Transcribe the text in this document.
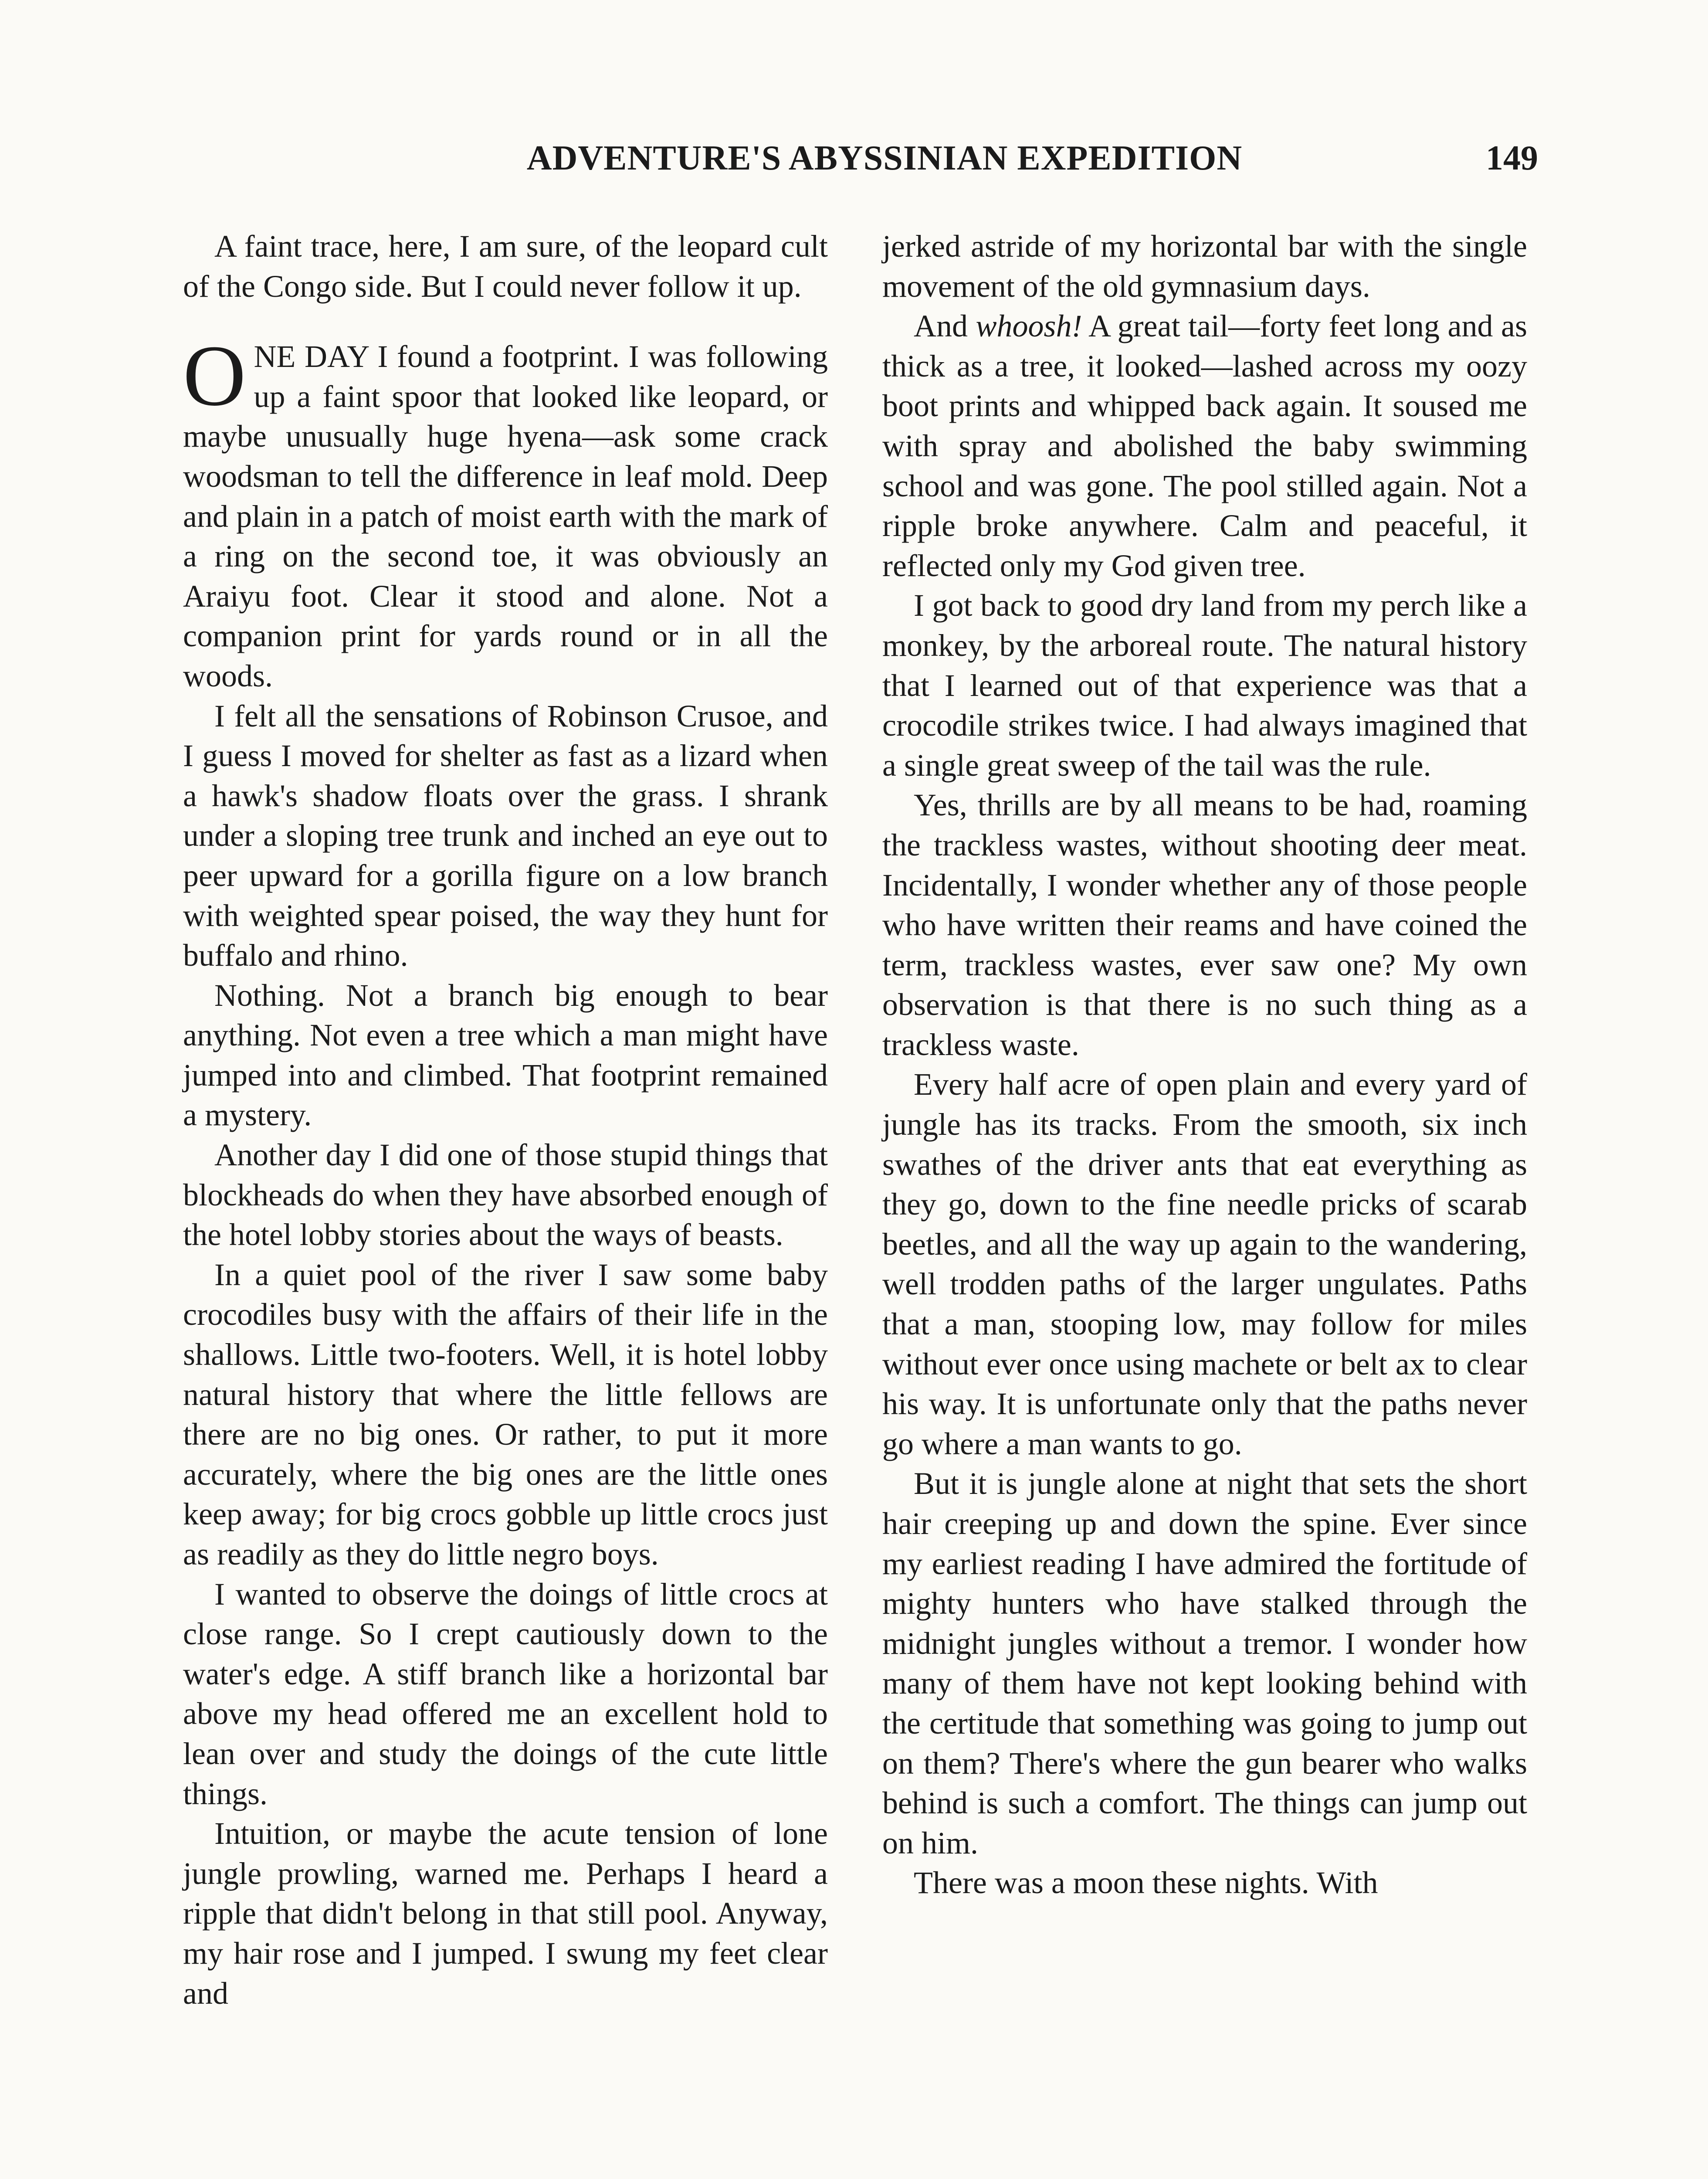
ADVENTURE'S ABYSSINIAN EXPEDITION	149

A faint trace, here, I am sure, of the leopard cult of the Congo side. But I could never follow it up.

ONE DAY I found a footprint. I was following up a faint spoor that looked like leopard, or maybe unusually huge hyena—ask some crack woodsman to tell the difference in leaf mold. Deep and plain in a patch of moist earth with the mark of a ring on the second toe, it was obviously an Araiyu foot. Clear it stood and alone. Not a companion print for yards round or in all the woods.

I felt all the sensations of Robinson Crusoe, and I guess I moved for shelter as fast as a lizard when a hawk's shadow floats over the grass. I shrank under a sloping tree trunk and inched an eye out to peer upward for a gorilla figure on a low branch with weighted spear poised, the way they hunt for buffalo and rhino.

Nothing. Not a branch big enough to bear anything. Not even a tree which a man might have jumped into and climbed. That footprint remained a mystery.

Another day I did one of those stupid things that blockheads do when they have absorbed enough of the hotel lobby stories about the ways of beasts.

In a quiet pool of the river I saw some baby crocodiles busy with the affairs of their life in the shallows. Little two-footers. Well, it is hotel lobby natural history that where the little fellows are there are no big ones. Or rather, to put it more accurately, where the big ones are the little ones keep away; for big crocs gobble up little crocs just as readily as they do little negro boys.

I wanted to observe the doings of little crocs at close range. So I crept cautiously down to the water's edge. A stiff branch like a horizontal bar above my head offered me an excellent hold to lean over and study the doings of the cute little things.

Intuition, or maybe the acute tension of lone jungle prowling, warned me. Perhaps I heard a ripple that didn't belong in that still pool. Anyway, my hair rose and I jumped. I swung my feet clear and

jerked astride of my horizontal bar with the single movement of the old gymnasium days.

And whoosh! A great tail—forty feet long and as thick as a tree, it looked—lashed across my oozy boot prints and whipped back again. It soused me with spray and abolished the baby swimming school and was gone. The pool stilled again. Not a ripple broke anywhere. Calm and peaceful, it reflected only my God given tree.

I got back to good dry land from my perch like a monkey, by the arboreal route. The natural history that I learned out of that experience was that a crocodile strikes twice. I had always imagined that a single great sweep of the tail was the rule.

Yes, thrills are by all means to be had, roaming the trackless wastes, without shooting deer meat. Incidentally, I wonder whether any of those people who have written their reams and have coined the term, trackless wastes, ever saw one? My own observation is that there is no such thing as a trackless waste.

Every half acre of open plain and every yard of jungle has its tracks. From the smooth, six inch swathes of the driver ants that eat everything as they go, down to the fine needle pricks of scarab beetles, and all the way up again to the wandering, well trodden paths of the larger ungulates. Paths that a man, stooping low, may follow for miles without ever once using machete or belt ax to clear his way. It is unfortunate only that the paths never go where a man wants to go.

But it is jungle alone at night that sets the short hair creeping up and down the spine. Ever since my earliest reading I have admired the fortitude of mighty hunters who have stalked through the midnight jungles without a tremor. I wonder how many of them have not kept looking behind with the certitude that something was going to jump out on them? There's where the gun bearer who walks behind is such a comfort. The things can jump out on him.

There was a moon these nights. With
